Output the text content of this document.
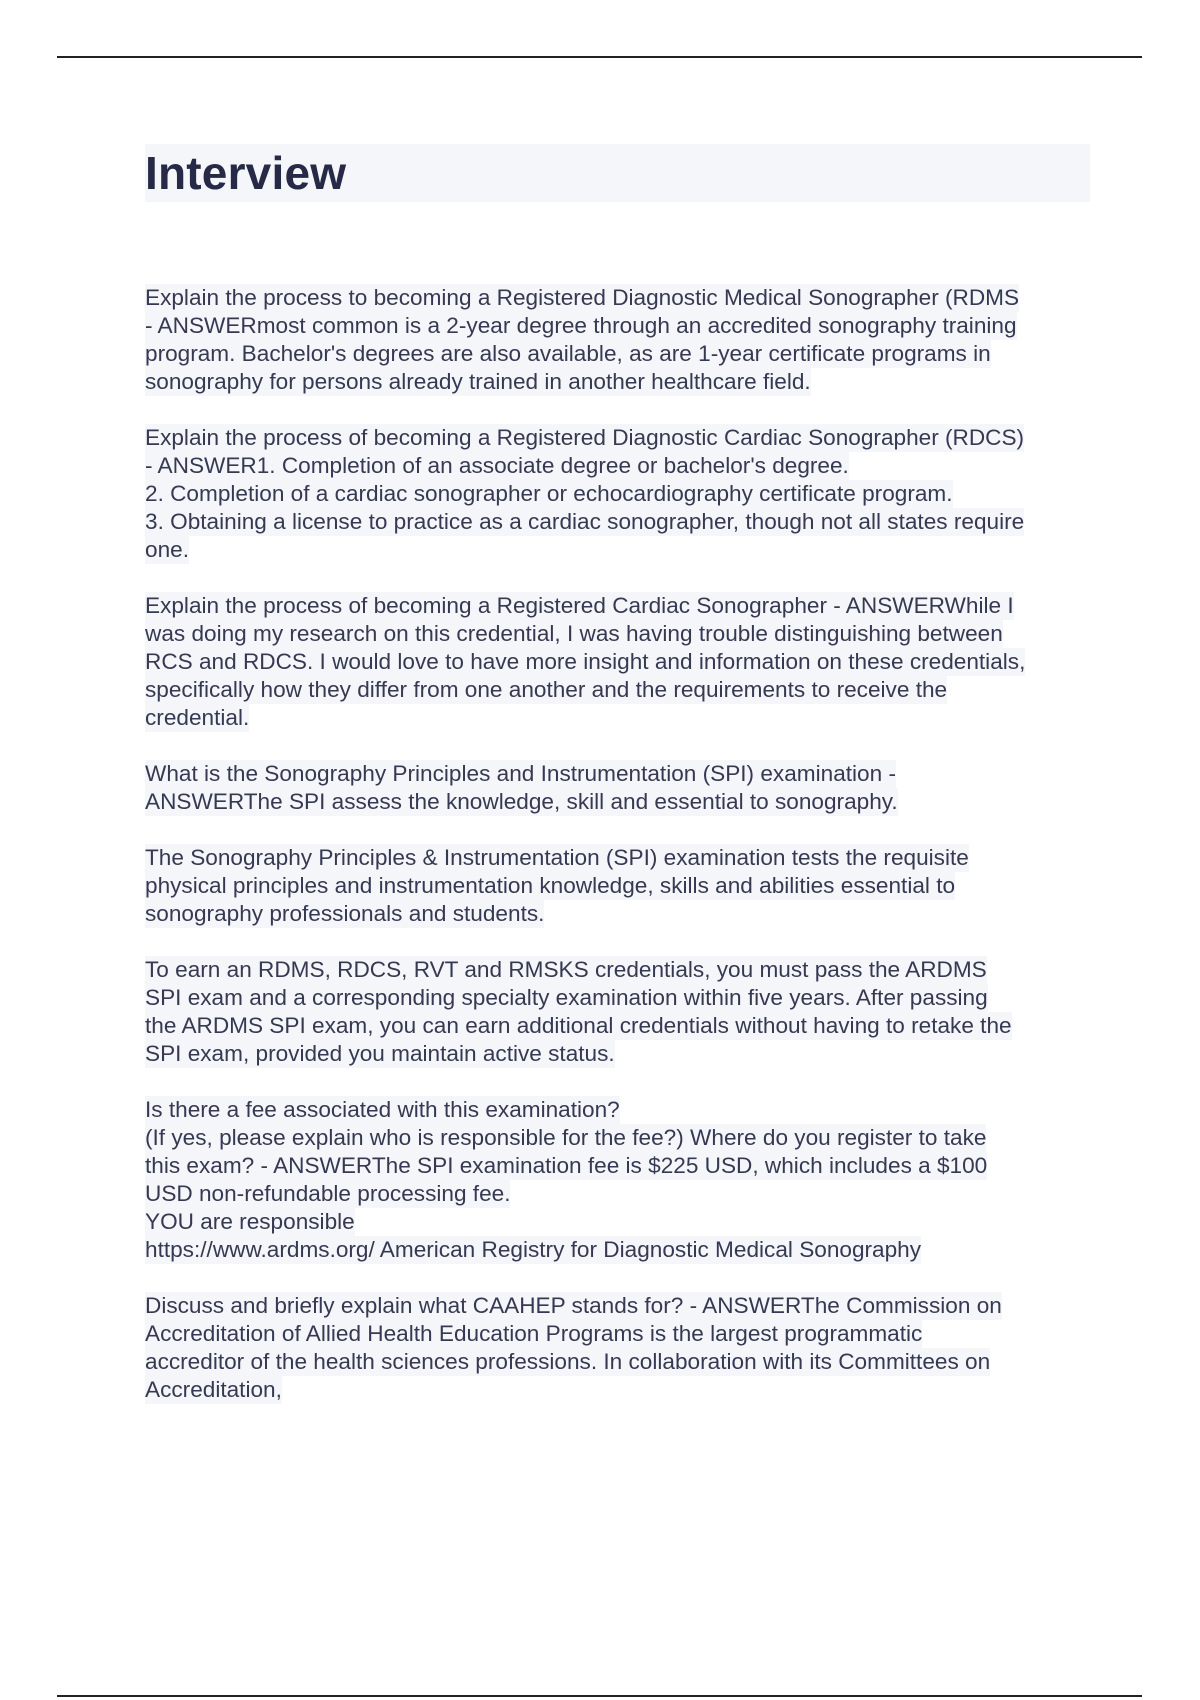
Interview
Explain the process to becoming a Registered Diagnostic Medical Sonographer (RDMS
- ANSWERmost common is a 2-year degree through an accredited sonography training
program. Bachelor's degrees are also available, as are 1-year certificate programs in
sonography for persons already trained in another healthcare field.
Explain the process of becoming a Registered Diagnostic Cardiac Sonographer (RDCS)
- ANSWER1. Completion of an associate degree or bachelor's degree.
2. Completion of a cardiac sonographer or echocardiography certificate program.
3. Obtaining a license to practice as a cardiac sonographer, though not all states require
one.
Explain the process of becoming a Registered Cardiac Sonographer - ANSWERWhile I
was doing my research on this credential, I was having trouble distinguishing between
RCS and RDCS. I would love to have more insight and information on these credentials,
specifically how they differ from one another and the requirements to receive the
credential.
What is the Sonography Principles and Instrumentation (SPI) examination -
ANSWERThe SPI assess the knowledge, skill and essential to sonography.
The Sonography Principles & Instrumentation (SPI) examination tests the requisite
physical principles and instrumentation knowledge, skills and abilities essential to
sonography professionals and students.
To earn an RDMS, RDCS, RVT and RMSKS credentials, you must pass the ARDMS
SPI exam and a corresponding specialty examination within five years. After passing
the ARDMS SPI exam, you can earn additional credentials without having to retake the
SPI exam, provided you maintain active status.
Is there a fee associated with this examination?
(If yes, please explain who is responsible for the fee?) Where do you register to take
this exam? - ANSWERThe SPI examination fee is $225 USD, which includes a $100
USD non-refundable processing fee.
YOU are responsible
https://www.ardms.org/ American Registry for Diagnostic Medical Sonography
Discuss and briefly explain what CAAHEP stands for? - ANSWERThe Commission on
Accreditation of Allied Health Education Programs is the largest programmatic
accreditor of the health sciences professions. In collaboration with its Committees on
Accreditation,
